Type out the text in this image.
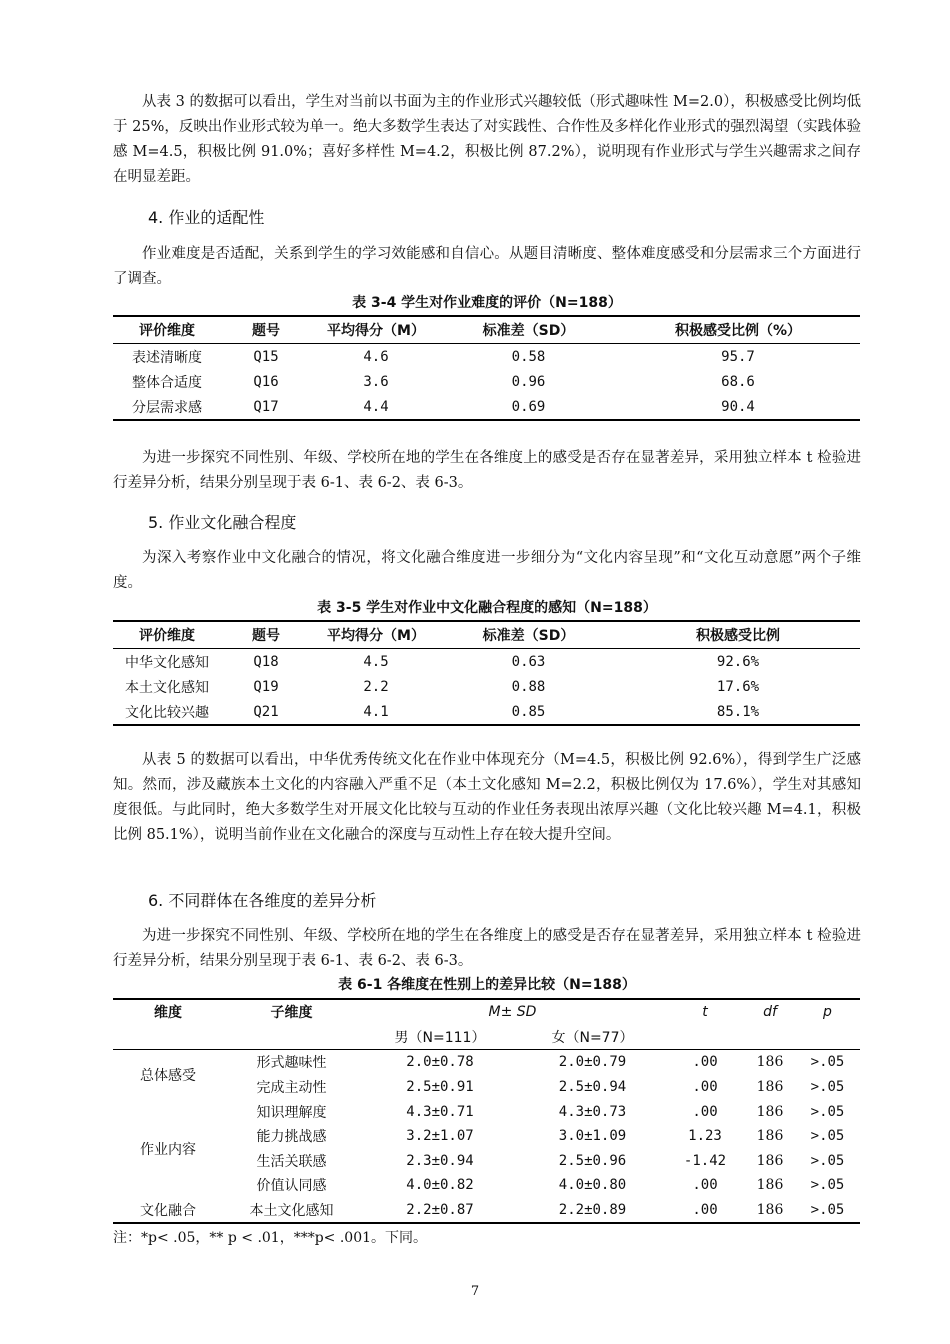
从表 3 的数据可以看出，学生对当前以书面为主的作业形式兴趣较低（形式趣味性 M=2.0），积极感受比例均低于 25%，反映出作业形式较为单一。绝大多数学生表达了对实践性、合作性及多样化作业形式的强烈渴望（实践体验感 M=4.5，积极比例 91.0%；喜好多样性 M=4.2，积极比例 87.2%），说明现有作业形式与学生兴趣需求之间存在明显差距。

4. 作业的适配性

作业难度是否适配，关系到学生的学习效能感和自信心。从题目清晰度、整体难度感受和分层需求三个方面进行了调查。

表 3-4 学生对作业难度的评价（N=188）

评价维度	题号	平均得分（M）	标准差（SD）	积极感受比例（%）
表述清晰度	Q15	4.6	0.58	95.7
整体合适度	Q16	3.6	0.96	68.6
分层需求感	Q17	4.4	0.69	90.4

为进一步探究不同性别、年级、学校所在地的学生在各维度上的感受是否存在显著差异，采用独立样本 t 检验进行差异分析，结果分别呈现于表 6-1、表 6-2、表 6-3。

5. 作业文化融合程度

为深入考察作业中文化融合的情况，将文化融合维度进一步细分为“文化内容呈现”和“文化互动意愿”两个子维度。

表 3-5 学生对作业中文化融合程度的感知（N=188）

评价维度	题号	平均得分（M）	标准差（SD）	积极感受比例
中华文化感知	Q18	4.5	0.63	92.6%
本土文化感知	Q19	2.2	0.88	17.6%
文化比较兴趣	Q21	4.1	0.85	85.1%

从表 5 的数据可以看出，中华优秀传统文化在作业中体现充分（M=4.5，积极比例 92.6%），得到学生广泛感知。然而，涉及藏族本土文化的内容融入严重不足（本土文化感知 M=2.2，积极比例仅为 17.6%），学生对其感知度很低。与此同时，绝大多数学生对开展文化比较与互动的作业任务表现出浓厚兴趣（文化比较兴趣 M=4.1，积极比例 85.1%），说明当前作业在文化融合的深度与互动性上存在较大提升空间。

6. 不同群体在各维度的差异分析

为进一步探究不同性别、年级、学校所在地的学生在各维度上的感受是否存在显著差异，采用独立样本 t 检验进行差异分析，结果分别呈现于表 6-1、表 6-2、表 6-3。

表 6-1 各维度在性别上的差异比较（N=188）

维度	子维度	M± SD		t	df	p
		男（N=111）	女（N=77）			
总体感受	形式趣味性	2.0±0.78	2.0±0.79	.00	186	>.05
	完成主动性	2.5±0.91	2.5±0.94	.00	186	>.05
作业内容	知识理解度	4.3±0.71	4.3±0.73	.00	186	>.05
	能力挑战感	3.2±1.07	3.0±1.09	1.23	186	>.05
	生活关联感	2.3±0.94	2.5±0.96	-1.42	186	>.05
	价值认同感	4.0±0.82	4.0±0.80	.00	186	>.05
文化融合	本土文化感知	2.2±0.87	2.2±0.89	.00	186	>.05

注：*p< .05，** p < .01，***p< .001。下同。

7
